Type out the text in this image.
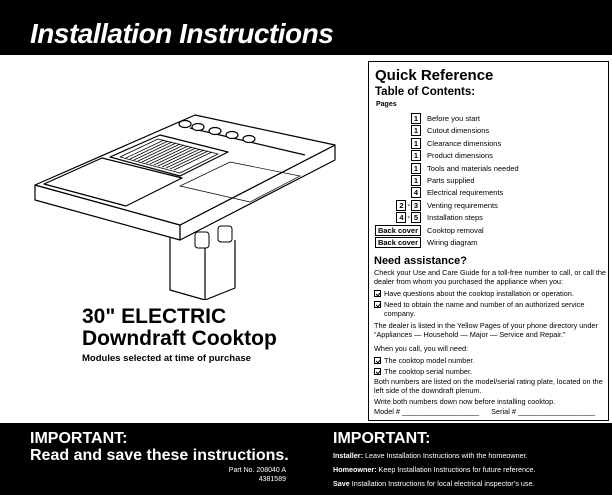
Installation Instructions
30" ELECTRIC
Downdraft Cooktop
Modules selected at time of purchase
Quick Reference
Table of Contents:
Pages
1	Before you start
1	Cutout dimensions
1	Clearance dimensions
1	Product dimensions
1	Tools and materials needed
1	Parts supplied
4	Electrical requirements
2 - 3	Venting requirements
4 - 5	Installation steps
Back cover	Cooktop removal
Back cover	Wiring diagram
Need assistance?
Check your Use and Care Guide for a toll-free number to call, or call the dealer from whom you purchased the appliance when you:
Have questions about the cooktop installation or operation.
Need to obtain the name and number of an authorized service company.
The dealer is listed in the Yellow Pages of your phone directory under “Appliances — Household — Major — Service and Repair.”
When you call, you will need:
The cooktop model number.
The cooktop serial number.
Both numbers are listed on the model/serial rating plate, located on the left side of the downdraft plenum.
Write both numbers down now before installing cooktop.
Model # ___________________ Serial # ___________________
IMPORTANT:
Read and save these instructions.
Part No. 208040 A
4381589
IMPORTANT:
Installer: Leave Installation Instructions with the homeowner.
Homeowner: Keep Installation Instructions for future reference.
Save Installation Instructions for local electrical inspector’s use.
